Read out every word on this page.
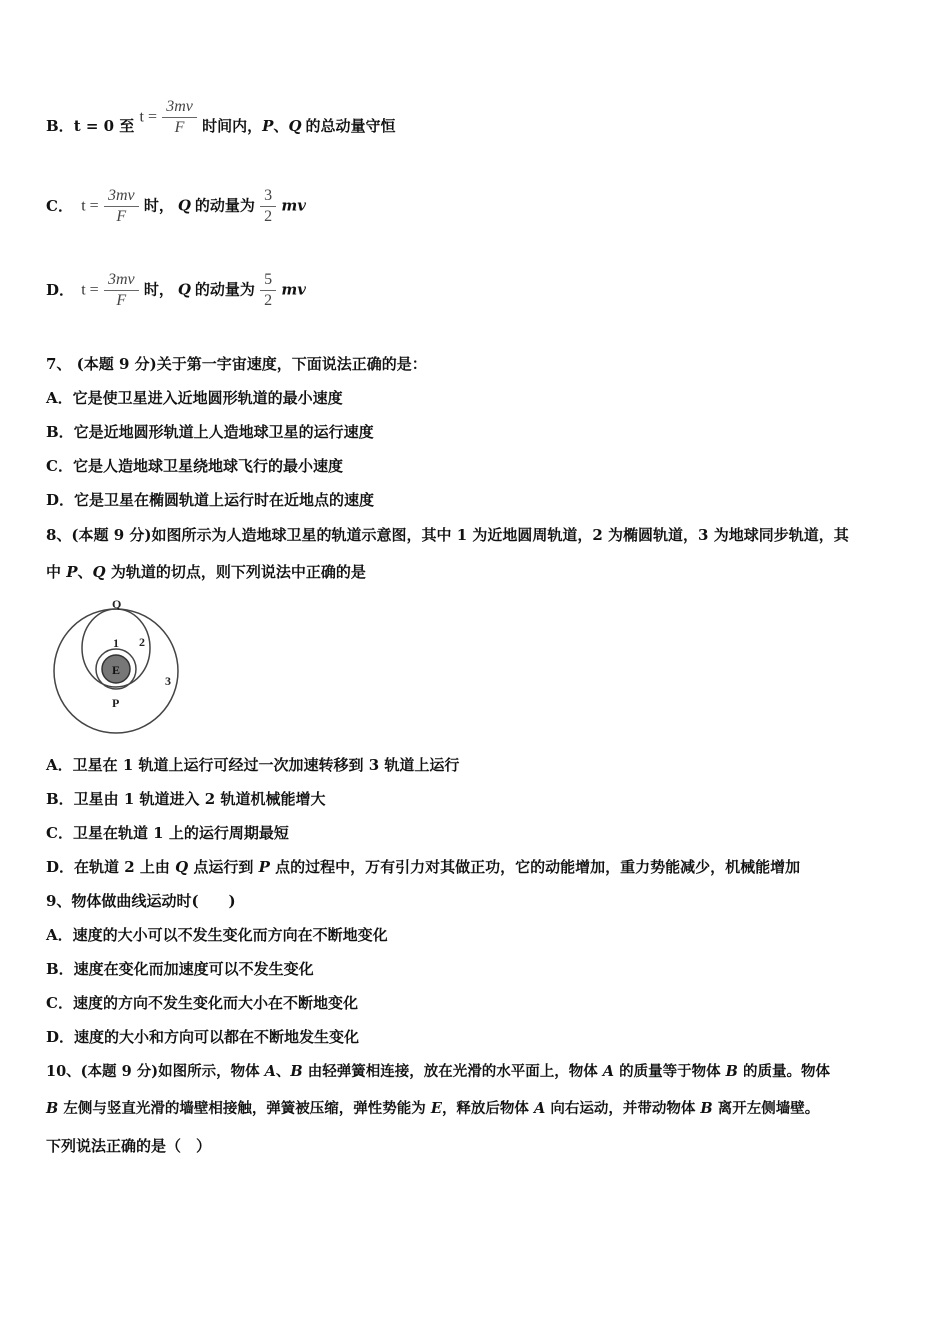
B．t = 0 至 $t = \frac{3mv}{F}$ 时间内，P、Q 的总动量守恒
C． $t = \frac{3mv}{F}$ 时， Q 的动量为 $\frac{3}{2}$ mv
D． $t = \frac{3mv}{F}$ 时， Q 的动量为 $\frac{5}{2}$ mv
7、 (本题 9 分)关于第一宇宙速度，下面说法正确的是：
A．它是使卫星进入近地圆形轨道的最小速度
B．它是近地圆形轨道上人造地球卫星的运行速度
C．它是人造地球卫星绕地球飞行的最小速度
D．它是卫星在椭圆轨道上运行时在近地点的速度
8、(本题 9 分)如图所示为人造地球卫星的轨道示意图，其中 1 为近地圆周轨道，2 为椭圆轨道，3 为地球同步轨道，其
中 P、Q 为轨道的切点，则下列说法中正确的是
E
Q
P
1 2
3
A．卫星在 1 轨道上运行可经过一次加速转移到 3 轨道上运行
B．卫星由 1 轨道进入 2 轨道机械能增大
C．卫星在轨道 1 上的运行周期最短
D．在轨道 2 上由 Q 点运行到 P 点的过程中，万有引力对其做正功，它的动能增加，重力势能减少，机械能增加
9、物体做曲线运动时(　　)
A．速度的大小可以不发生变化而方向在不断地变化
B．速度在变化而加速度可以不发生变化
C．速度的方向不发生变化而大小在不断地变化
D．速度的大小和方向可以都在不断地发生变化
10、(本题 9 分)如图所示，物体 A、B 由轻弹簧相连接，放在光滑的水平面上，物体 A 的质量等于物体 B 的质量。物体
B 左侧与竖直光滑的墙壁相接触，弹簧被压缩，弹性势能为 E，释放后物体 A 向右运动，并带动物体 B 离开左侧墙壁。
下列说法正确的是（　）
